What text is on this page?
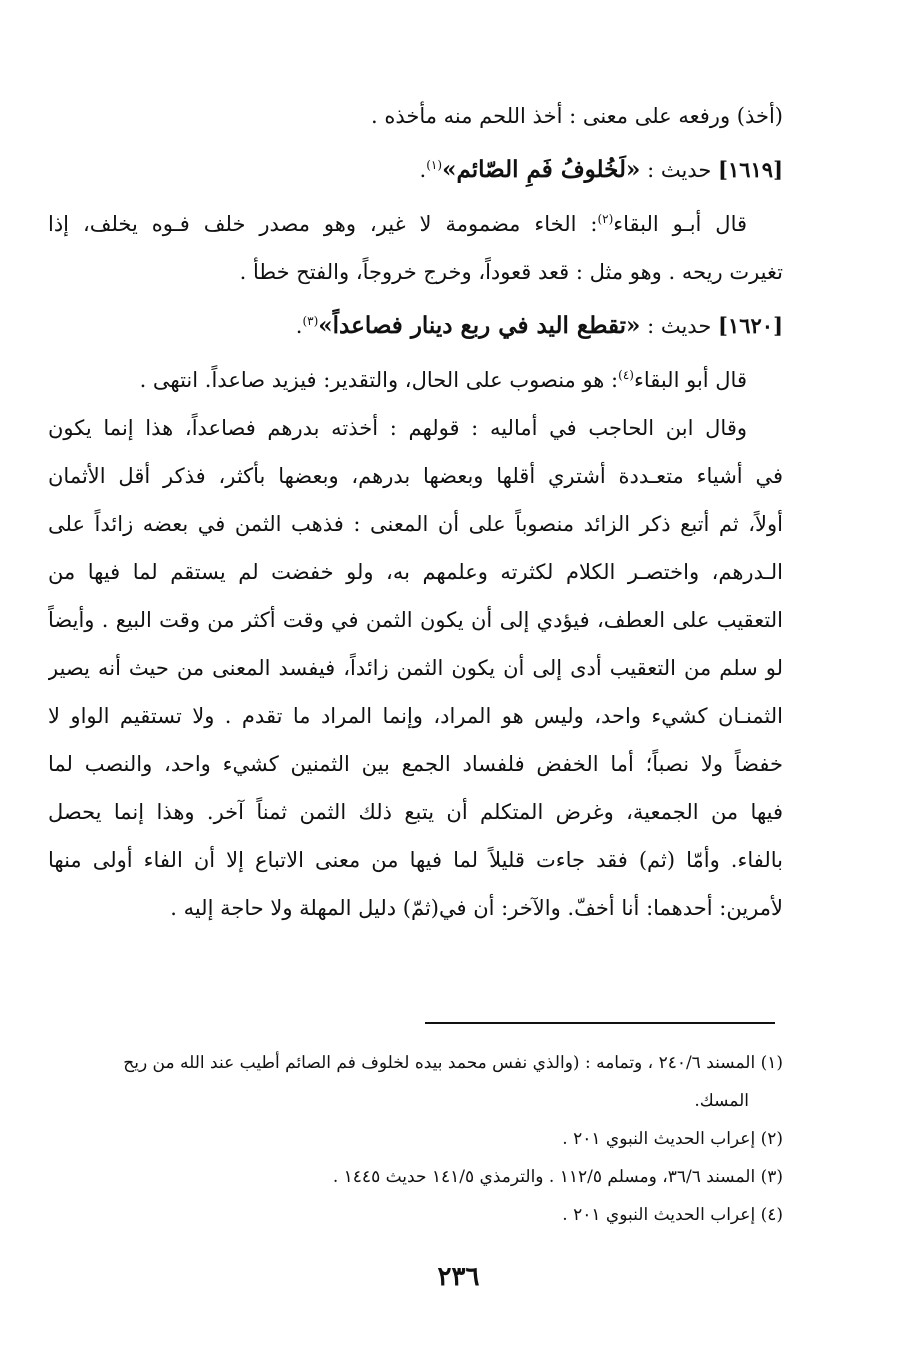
(أخذ) ورفعه على معنى : أخذ اللحم منه مأخذه .
[١٦١٩] حديث : «لَخُلوفُ فَمِ الصّائم»$^{(١)}$.
قال أبـو البقاء$^{(٢)}$: الخاء مضمومة لا غير، وهو مصدر خلف فـوه يخلف، إذا
تغيرت ريحه . وهو مثل : قعد قعوداً، وخرج خروجاً، والفتح خطأ .
[١٦٢٠] حديث : «تقطع اليد في ربع دينار فصاعداً»$^{(٣)}$.
قال أبو البقاء$^{(٤)}$: هو منصوب على الحال، والتقدير: فيزيد صاعداً. انتهى .
وقال ابن الحاجب في أماليه : قولهم : أخذته بدرهم فصاعداً، هذا إنما يكون
في أشياء متعـددة أشتري أقلها وبعضها بدرهم، وبعضها بأكثر، فذكر أقل الأثمان
أولاً، ثم أتبع ذكر الزائد منصوباً على أن المعنى : فذهب الثمن في بعضه زائداً على
الـدرهم، واختصـر الكلام لكثرته وعلمهم به، ولو خفضت لم يستقم لما فيها من
التعقيب على العطف، فيؤدي إلى أن يكون الثمن في وقت أكثر من وقت البيع . وأيضاً
لو سلم من التعقيب أدى إلى أن يكون الثمن زائداً، فيفسد المعنى من حيث أنه يصير
الثمنـان كشيء واحد، وليس هو المراد، وإنما المراد ما تقدم . ولا تستقيم الواو لا
خفضاً ولا نصباً؛ أما الخفض فلفساد الجمع بين الثمنين كشيء واحد، والنصب لما
فيها من الجمعية، وغرض المتكلم أن يتبع ذلك الثمن ثمناً آخر. وهذا إنما يحصل
بالفاء. وأمّا (ثم) فقد جاءت قليلاً لما فيها من معنى الاتباع إلا أن الفاء أولى منها
لأمرين: أحدهما: أنا أخفّ. والآخر: أن في(ثمّ) دليل المهلة ولا حاجة إليه .
(١) المسند ٢٤٠/٦ ، وتمامه : (والذي نفس محمد بيده لخلوف فم الصائم أطيب عند الله من ريح
المسك.
(٢) إعراب الحديث النبوي ٢٠١ .
(٣) المسند ٣٦/٦، ومسلم ١١٢/٥ . والترمذي ١٤١/٥ حديث ١٤٤٥ .
(٤) إعراب الحديث النبوي ٢٠١ .
٢٣٦
